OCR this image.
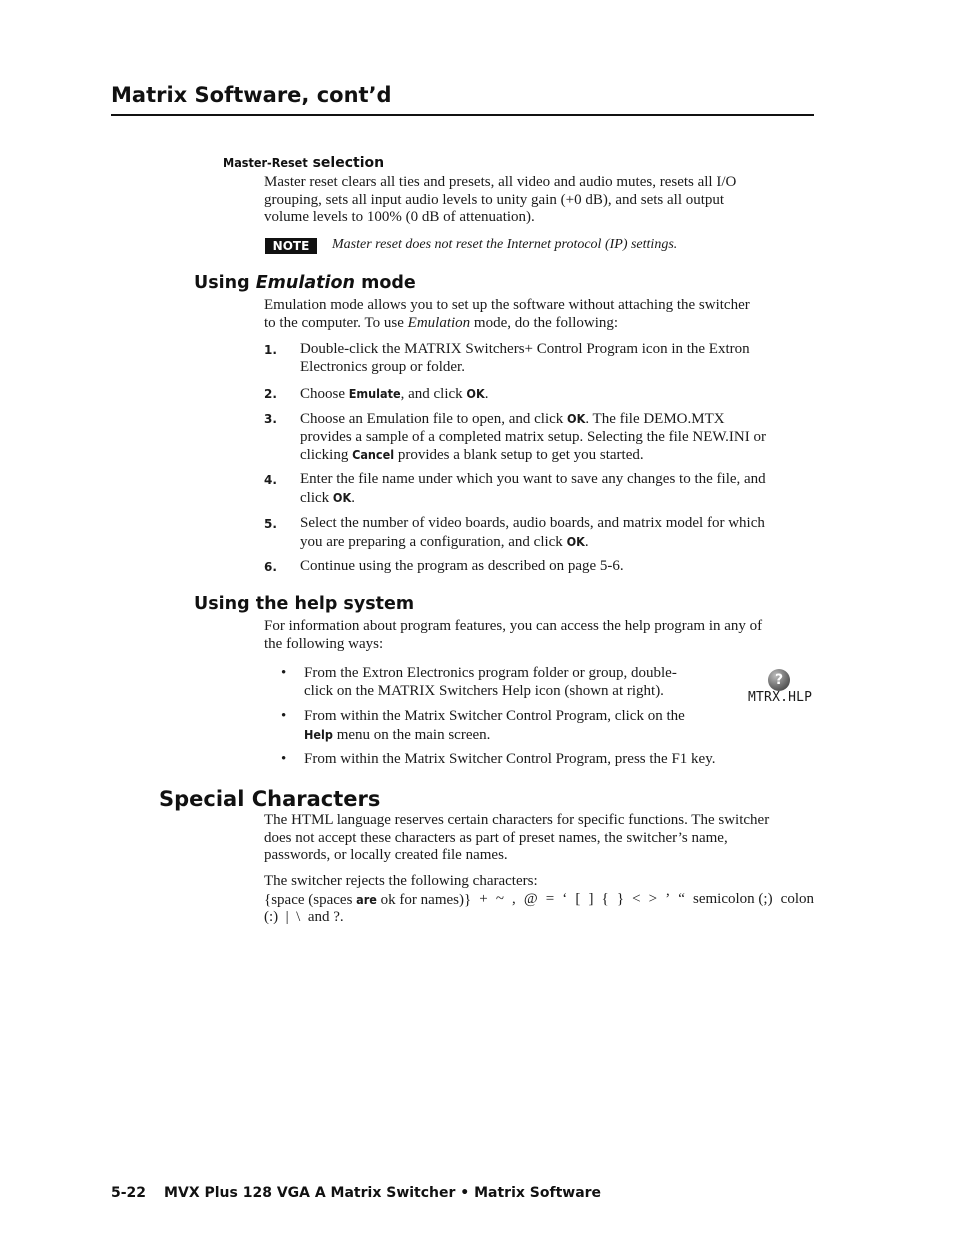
Matrix Software, cont’d
Master-Reset selection
Master reset clears all ties and presets, all video and audio mutes, resets all I/O
grouping, sets all input audio levels to unity gain (+0 dB), and sets all output
volume levels to 100% (0 dB of attenuation).
NOTE	Master reset does not reset the Internet protocol (IP) settings.
Using Emulation mode
Emulation mode allows you to set up the software without attaching the switcher
to the computer. To use Emulation mode, do the following:
1. Double-click the MATRIX Switchers+ Control Program icon in the Extron
Electronics group or folder.
2. Choose Emulate, and click OK.
3. Choose an Emulation file to open, and click OK. The file DEMO.MTX
provides a sample of a completed matrix setup. Selecting the file NEW.INI or
clicking Cancel provides a blank setup to get you started.
4. Enter the file name under which you want to save any changes to the file, and
click OK.
5. Select the number of video boards, audio boards, and matrix model for which
you are preparing a configuration, and click OK.
6. Continue using the program as described on page 5-6.
Using the help system
For information about program features, you can access the help program in any of
the following ways:
• From the Extron Electronics program folder or group, double-
click on the MATRIX Switchers Help icon (shown at right).
?
MTRX.HLP
• From within the Matrix Switcher Control Program, click on the
Help menu on the main screen.
• From within the Matrix Switcher Control Program, press the F1 key.
Special Characters
The HTML language reserves certain characters for specific functions. The switcher
does not accept these characters as part of preset names, the switcher’s name,
passwords, or locally created file names.
The switcher rejects the following characters:
{space (spaces are ok for names)} + ~ , @ = ‘ [ ] { } < > ’ “ semicolon (;) colon
(:)  |  \  and ?.
5-22 MVX Plus 128 VGA A Matrix Switcher • Matrix Software
